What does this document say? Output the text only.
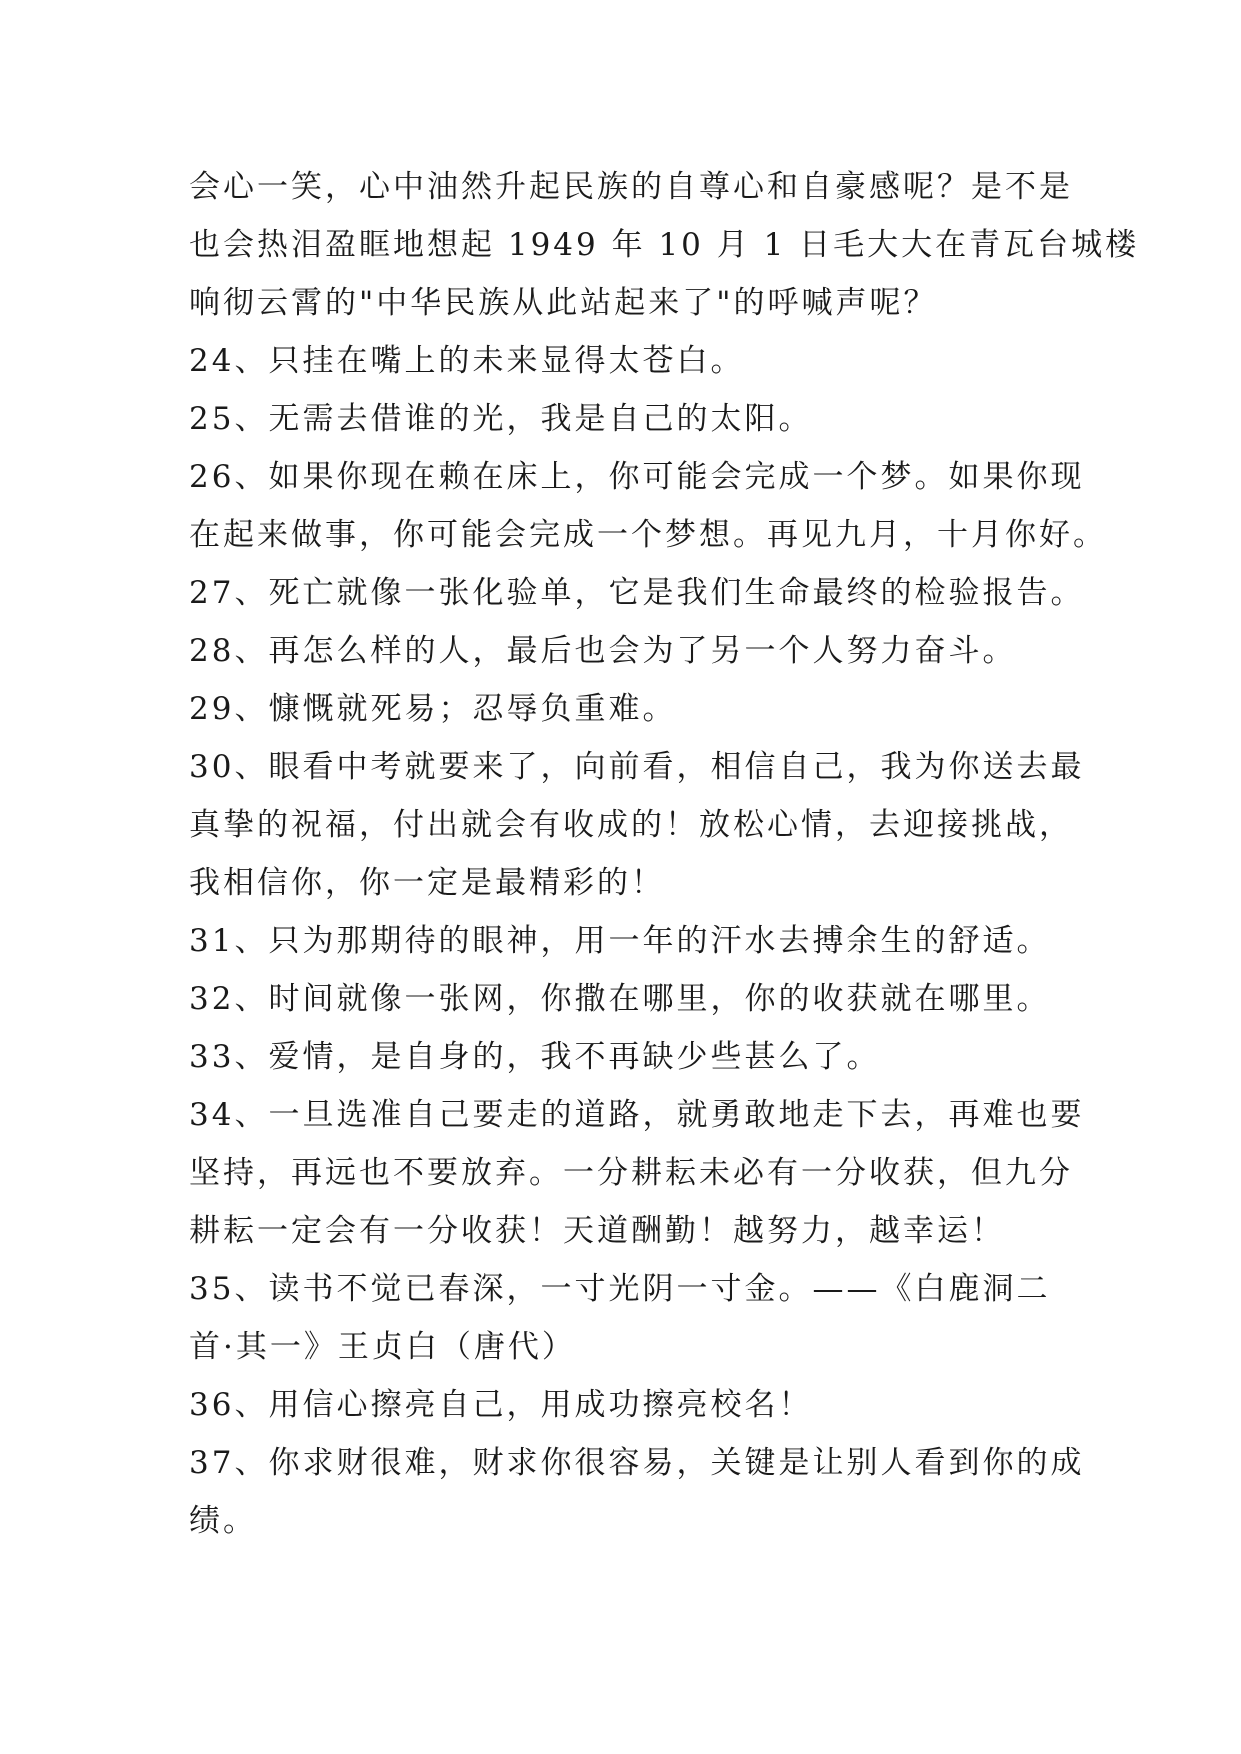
会心一笑，心中油然升起民族的自尊心和自豪感呢？是不是
也会热泪盈眶地想起 1949 年 10 月 1 日毛大大在青瓦台城楼
响彻云霄的"中华民族从此站起来了"的呼喊声呢？
24、只挂在嘴上的未来显得太苍白。
25、无需去借谁的光，我是自己的太阳。
26、如果你现在赖在床上，你可能会完成一个梦。如果你现
在起来做事，你可能会完成一个梦想。再见九月，十月你好。
27、死亡就像一张化验单，它是我们生命最终的检验报告。
28、再怎么样的人，最后也会为了另一个人努力奋斗。
29、慷慨就死易；忍辱负重难。
30、眼看中考就要来了，向前看，相信自己，我为你送去最
真挚的祝福，付出就会有收成的！放松心情，去迎接挑战，
我相信你，你一定是最精彩的！
31、只为那期待的眼神，用一年的汗水去搏余生的舒适。
32、时间就像一张网，你撒在哪里，你的收获就在哪里。
33、爱情，是自身的，我不再缺少些甚么了。
34、一旦选准自己要走的道路，就勇敢地走下去，再难也要
坚持，再远也不要放弃。一分耕耘未必有一分收获，但九分
耕耘一定会有一分收获！天道酬勤！越努力，越幸运！
35、读书不觉已春深，一寸光阴一寸金。——《白鹿洞二
首·其一》王贞白（唐代）
36、用信心擦亮自己，用成功擦亮校名！
37、你求财很难，财求你很容易，关键是让别人看到你的成
绩。
